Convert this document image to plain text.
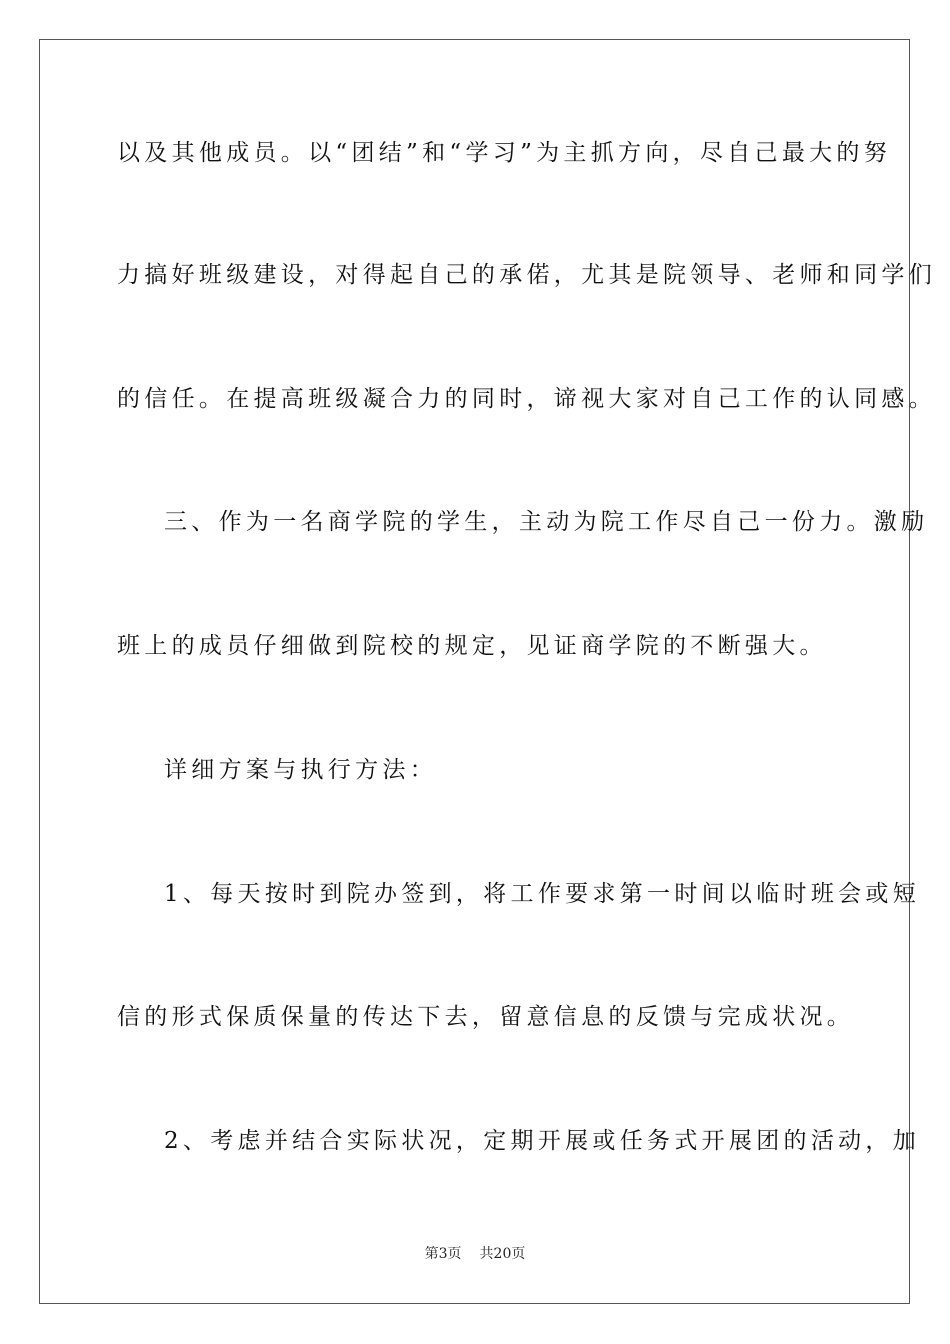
以及其他成员。以“团结”和“学习”为主抓方向，尽自己最大的努
力搞好班级建设，对得起自己的承偌，尤其是院领导、老师和同学们
的信任。在提高班级凝合力的同时，谛视大家对自己工作的认同感。
三、作为一名商学院的学生，主动为院工作尽自己一份力。激励
班上的成员仔细做到院校的规定，见证商学院的不断强大。
详细方案与执行方法：
1、每天按时到院办签到，将工作要求第一时间以临时班会或短
信的形式保质保量的传达下去，留意信息的反馈与完成状况。
2、考虑并结合实际状况，定期开展或任务式开展团的活动，加
第3页 共20页
